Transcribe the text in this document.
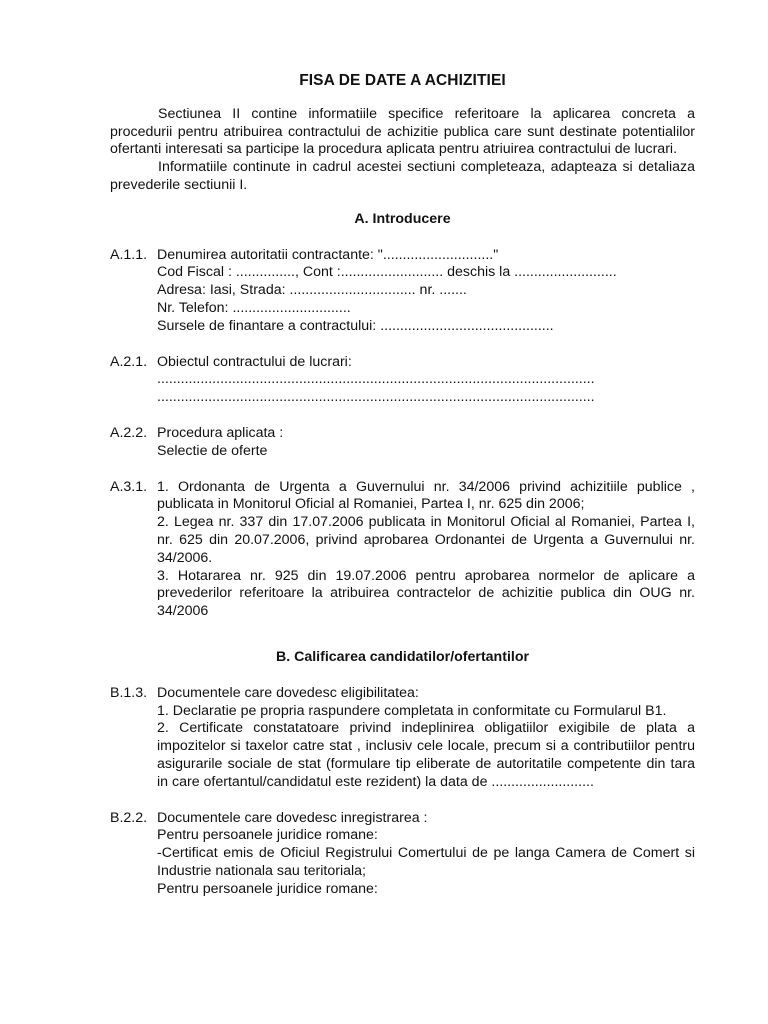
FISA DE DATE A ACHIZITIEI

Sectiunea II contine informatiile specifice referitoare la aplicarea concreta a procedurii pentru atribuirea contractului de achizitie publica care sunt destinate potentialilor ofertanti interesati sa participe la procedura aplicata pentru atriuirea contractului de lucrari.

Informatiile continute in cadrul acestei sectiuni completeaza, adapteaza si detaliaza prevederile sectiunii I.

A. Introducere
A.1.1. Denumirea autoritatii contractante: "............................"
Cod Fiscal : ..............., Cont :.......................... deschis la ..........................
Adresa: Iasi, Strada: ................................ nr. .......
Nr. Telefon: ..............................
Sursele de finantare a contractului: ............................................
A.2.1. Obiectul contractului de lucrari:
...............................................................................................................
...............................................................................................................
A.2.2. Procedura aplicata :
Selectie de oferte
A.3.1. 1. Ordonanta de Urgenta a Guvernului nr. 34/2006 privind achizitiile publice , publicata in Monitorul Oficial al Romaniei, Partea I, nr. 625 din 2006;
2. Legea nr. 337 din 17.07.2006 publicata in Monitorul Oficial al Romaniei, Partea I, nr. 625 din 20.07.2006, privind aprobarea Ordonantei de Urgenta a Guvernului nr. 34/2006.
3. Hotararea nr. 925 din 19.07.2006 pentru aprobarea normelor de aplicare a prevederilor referitoare la atribuirea contractelor de achizitie publica din OUG nr. 34/2006
B. Calificarea candidatilor/ofertantilor
B.1.3. Documentele care dovedesc eligibilitatea:
1. Declaratie pe propria raspundere completata in conformitate cu Formularul B1.
2. Certificate constatatoare privind indeplinirea obligatiilor exigibile de plata a impozitelor si taxelor catre stat , inclusiv cele locale, precum si a contributiilor pentru asigurarile sociale de stat (formulare tip eliberate de autoritatile competente din tara in care ofertantul/candidatul este rezident) la data de ..........................
B.2.2. Documentele care dovedesc inregistrarea :
Pentru persoanele juridice romane:
-Certificat emis de Oficiul Registrului Comertului de pe langa Camera de Comert si Industrie nationala sau teritoriala;
Pentru persoanele juridice romane:
